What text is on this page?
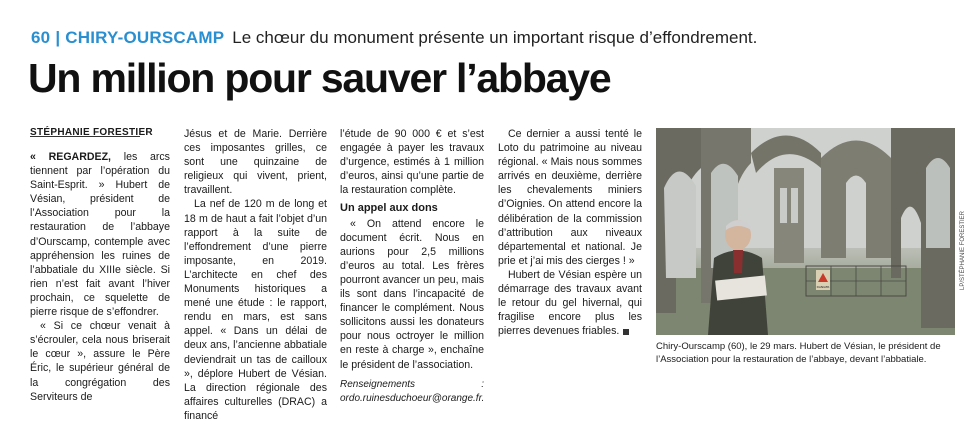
60 | CHIRY-OURSCAMP Le chœur du monument présente un important risque d’effondrement.
Un million pour sauver l’abbaye
STÉPHANIE FORESTIER

« REGARDEZ, les arcs tiennent par l’opération du Saint-Esprit. » Hubert de Vésian, président de l’Association pour la restauration de l’abbaye d’Ourscamp, contemple avec appréhension les ruines de l’abbatiale du XIIIe siècle. Si rien n’est fait avant l’hiver prochain, ce squelette de pierre risque de s’effondrer.

« Si ce chœur venait à s’écrouler, cela nous briserait le cœur », assure le Père Éric, le supérieur général de la congrégation des Serviteurs de

Jésus et de Marie. Derrière ces imposantes grilles, ce sont une quinzaine de religieux qui vivent, prient, travaillent.

La nef de 120 m de long et 18 m de haut a fait l’objet d’un rapport à la suite de l’effondrement d’une pierre imposante, en 2019. L’architecte en chef des Monuments historiques a mené une étude : le rapport, rendu en mars, est sans appel. « Dans un délai de deux ans, l’ancienne abbatiale deviendrait un tas de cailloux », déplore Hubert de Vésian. La direction régionale des affaires culturelles (DRAC) a financé

l’étude de 90 000 € et s’est engagée à payer les travaux d’urgence, estimés à 1 million d’euros, ainsi qu’une partie de la restauration complète.

Un appel aux dons

« On attend encore le document écrit. Nous en aurions pour 2,5 millions d’euros au total. Les frères pourront avancer un peu, mais ils sont dans l’incapacité de financer le complément. Nous sollicitons aussi les donateurs pour nous octroyer le million en reste à charge », enchaîne le président de l’association.

Renseignements : ordo.ruinesduchoeur@orange.fr.

Ce dernier a aussi tenté le Loto du patrimoine au niveau régional. « Mais nous sommes arrivés en deuxième, derrière les chevalements miniers d’Oignies. On attend encore la délibération de la commission d’attribution aux niveaux départemental et national. Je prie et j’ai mis des cierges ! »

Hubert de Vésian espère un démarrage des travaux avant le retour du gel hivernal, qui fragilise encore plus les pierres devenues friables.

DANGER	LP/STÉPHANIE FORESTIER
Chiry-Ourscamp (60), le 29 mars. Hubert de Vésian, le président de l’Association pour la restauration de l’abbaye, devant l’abbatiale.
